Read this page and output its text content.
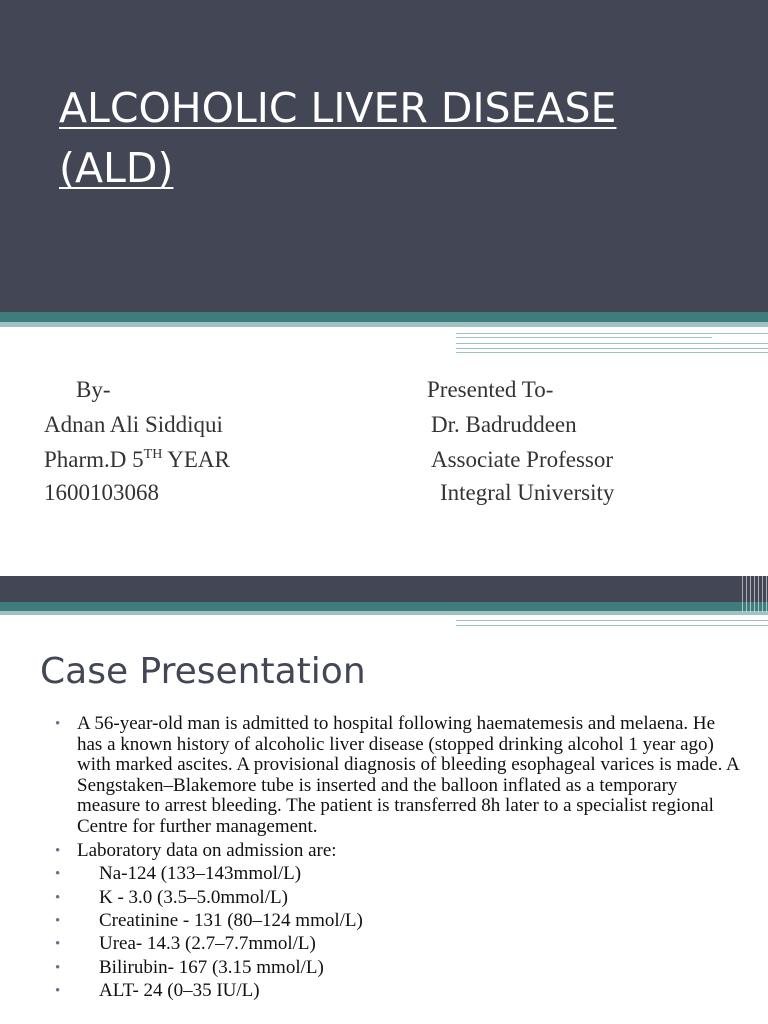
ALCOHOLIC LIVER DISEASE
(ALD)
By-
Adnan Ali Siddiqui
Pharm.D 5TH YEAR
1600103068
Presented To-
Dr. Badruddeen
Associate Professor
Integral University
Case Presentation
• A 56-year-old man is admitted to hospital following haematemesis and melaena. He has a known history of alcoholic liver disease (stopped drinking alcohol 1 year ago) with marked ascites. A provisional diagnosis of bleeding esophageal varices is made. A Sengstaken–Blakemore tube is inserted and the balloon inflated as a temporary measure to arrest bleeding. The patient is transferred 8h later to a specialist regional Centre for further management.
• Laboratory data on admission are:
• Na-124 (133–143mmol/L)
• K - 3.0 (3.5–5.0mmol/L)
• Creatinine - 131 (80–124 mmol/L)
• Urea- 14.3 (2.7–7.7mmol/L)
• Bilirubin- 167 (3.15 mmol/L)
• ALT- 24 (0–35 IU/L)
